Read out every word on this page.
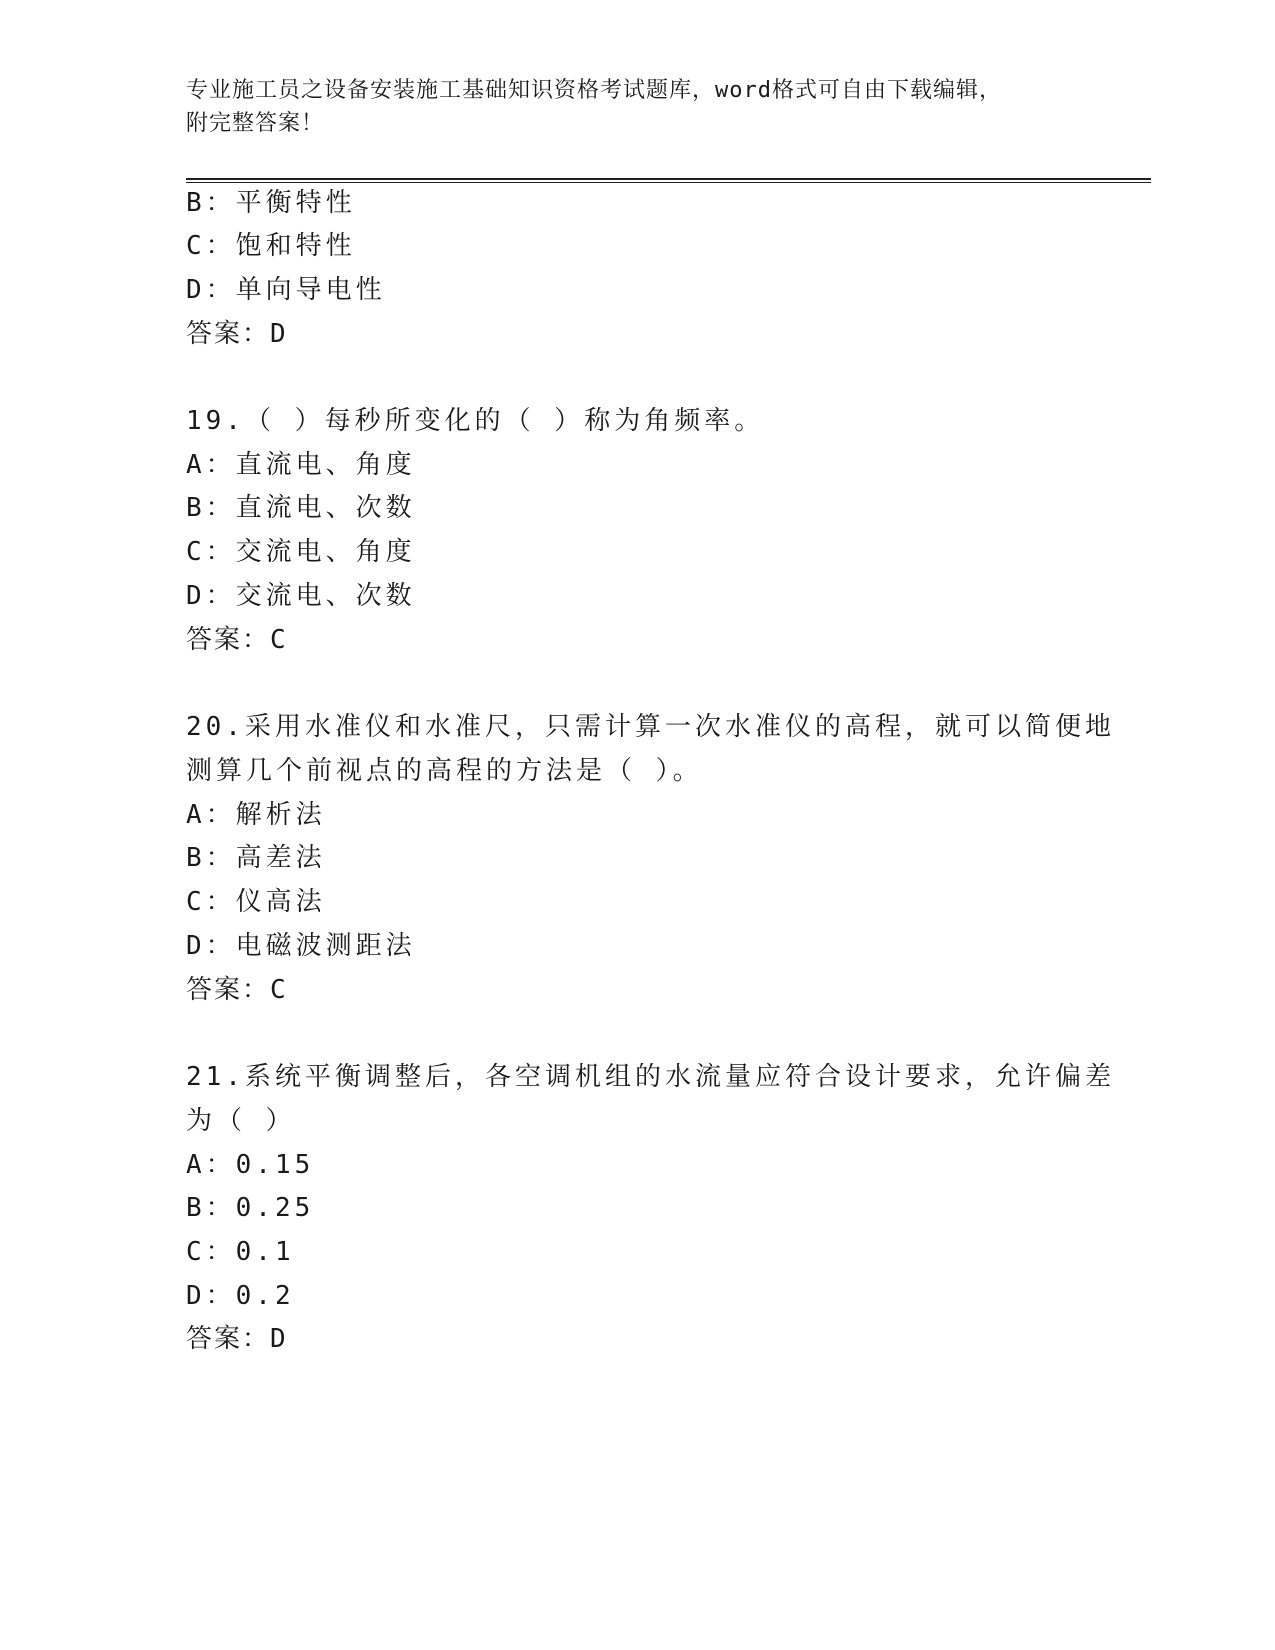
专业施工员之设备安装施工基础知识资格考试题库，word格式可自由下载编辑，
附完整答案！
B：平衡特性
C：饱和特性
D：单向导电性
答案：D
19.（ ）每秒所变化的（ ）称为角频率。
A：直流电、角度
B：直流电、次数
C：交流电、角度
D：交流电、次数
答案：C
20.采用水准仪和水准尺，只需计算一次水准仪的高程，就可以简便地
测算几个前视点的高程的方法是（ ）。
A：解析法
B：高差法
C：仪高法
D：电磁波测距法
答案：C
21.系统平衡调整后，各空调机组的水流量应符合设计要求，允许偏差
为（ ）
A：0.15
B：0.25
C：0.1
D：0.2
答案：D
